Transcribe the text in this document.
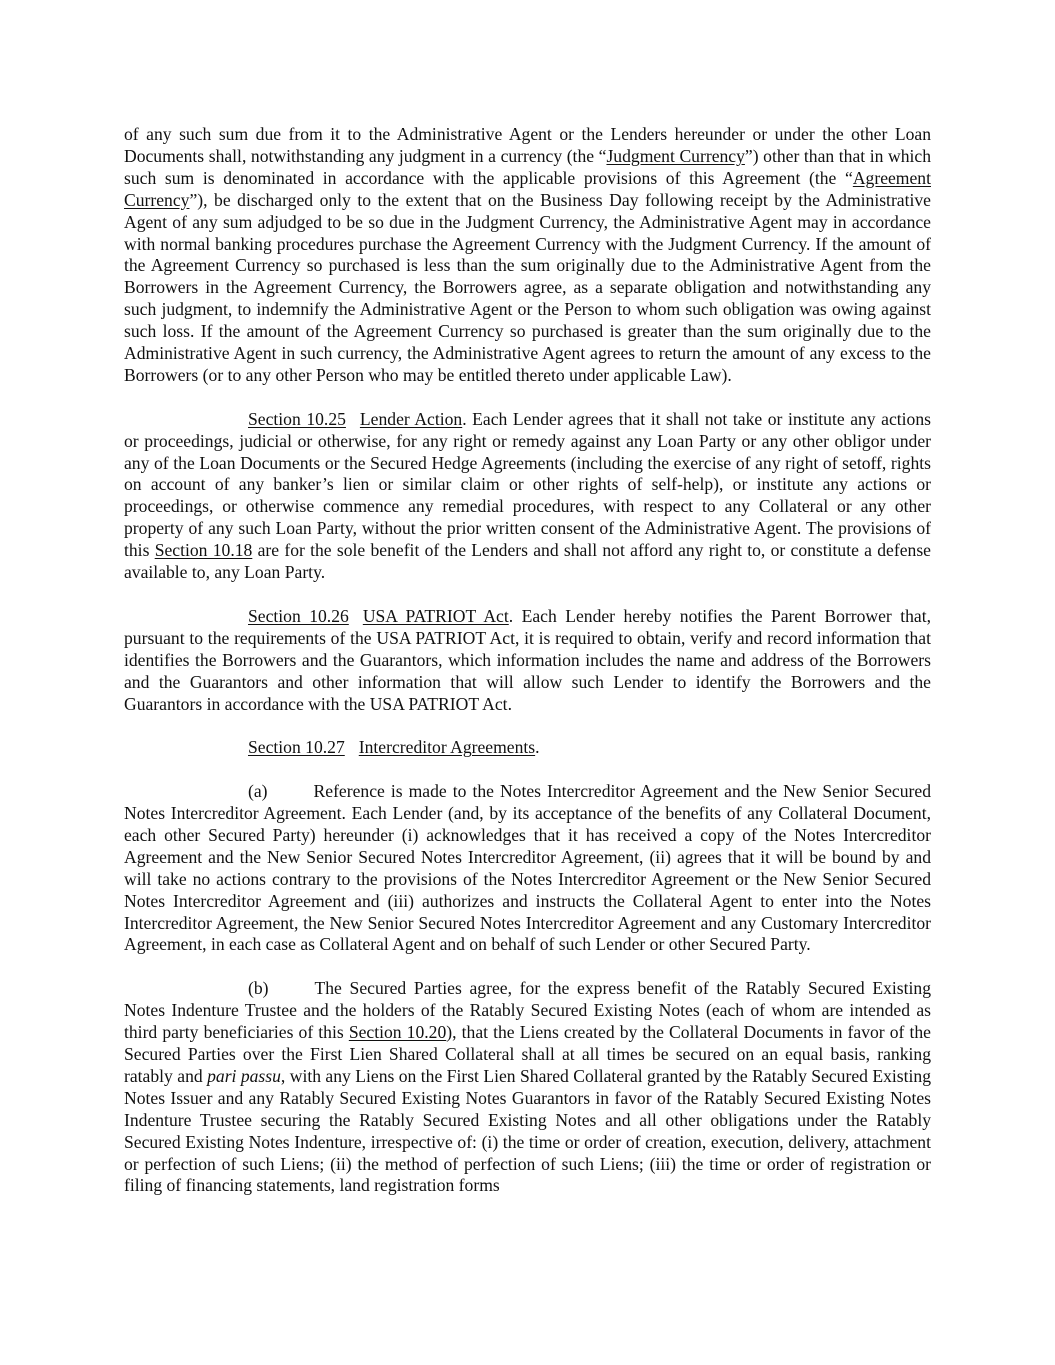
of any such sum due from it to the Administrative Agent or the Lenders hereunder or under the other Loan Documents shall, notwithstanding any judgment in a currency (the “Judgment Currency”) other than that in which such sum is denominated in accordance with the applicable provisions of this Agreement (the “Agreement Currency”), be discharged only to the extent that on the Business Day following receipt by the Administrative Agent of any sum adjudged to be so due in the Judgment Currency, the Administrative Agent may in accordance with normal banking procedures purchase the Agreement Currency with the Judgment Currency. If the amount of the Agreement Currency so purchased is less than the sum originally due to the Administrative Agent from the Borrowers in the Agreement Currency, the Borrowers agree, as a separate obligation and notwithstanding any such judgment, to indemnify the Administrative Agent or the Person to whom such obligation was owing against such loss. If the amount of the Agreement Currency so purchased is greater than the sum originally due to the Administrative Agent in such currency, the Administrative Agent agrees to return the amount of any excess to the Borrowers (or to any other Person who may be entitled thereto under applicable Law).

Section 10.25 Lender Action. Each Lender agrees that it shall not take or institute any actions or proceedings, judicial or otherwise, for any right or remedy against any Loan Party or any other obligor under any of the Loan Documents or the Secured Hedge Agreements (including the exercise of any right of setoff, rights on account of any banker’s lien or similar claim or other rights of self-help), or institute any actions or proceedings, or otherwise commence any remedial procedures, with respect to any Collateral or any other property of any such Loan Party, without the prior written consent of the Administrative Agent. The provisions of this Section 10.18 are for the sole benefit of the Lenders and shall not afford any right to, or constitute a defense available to, any Loan Party.

Section 10.26 USA PATRIOT Act. Each Lender hereby notifies the Parent Borrower that, pursuant to the requirements of the USA PATRIOT Act, it is required to obtain, verify and record information that identifies the Borrowers and the Guarantors, which information includes the name and address of the Borrowers and the Guarantors and other information that will allow such Lender to identify the Borrowers and the Guarantors in accordance with the USA PATRIOT Act.

Section 10.27 Intercreditor Agreements.

(a)	Reference is made to the Notes Intercreditor Agreement and the New Senior Secured Notes Intercreditor Agreement. Each Lender (and, by its acceptance of the benefits of any Collateral Document, each other Secured Party) hereunder (i) acknowledges that it has received a copy of the Notes Intercreditor Agreement and the New Senior Secured Notes Intercreditor Agreement, (ii) agrees that it will be bound by and will take no actions contrary to the provisions of the Notes Intercreditor Agreement or the New Senior Secured Notes Intercreditor Agreement and (iii) authorizes and instructs the Collateral Agent to enter into the Notes Intercreditor Agreement, the New Senior Secured Notes Intercreditor Agreement and any Customary Intercreditor Agreement, in each case as Collateral Agent and on behalf of such Lender or other Secured Party.

(b)	The Secured Parties agree, for the express benefit of the Ratably Secured Existing Notes Indenture Trustee and the holders of the Ratably Secured Existing Notes (each of whom are intended as third party beneficiaries of this Section 10.20), that the Liens created by the Collateral Documents in favor of the Secured Parties over the First Lien Shared Collateral shall at all times be secured on an equal basis, ranking ratably and pari passu, with any Liens on the First Lien Shared Collateral granted by the Ratably Secured Existing Notes Issuer and any Ratably Secured Existing Notes Guarantors in favor of the Ratably Secured Existing Notes Indenture Trustee securing the Ratably Secured Existing Notes and all other obligations under the Ratably Secured Existing Notes Indenture, irrespective of: (i) the time or order of creation, execution, delivery, attachment or perfection of such Liens; (ii) the method of perfection of such Liens; (iii) the time or order of registration or filing of financing statements, land registration forms
